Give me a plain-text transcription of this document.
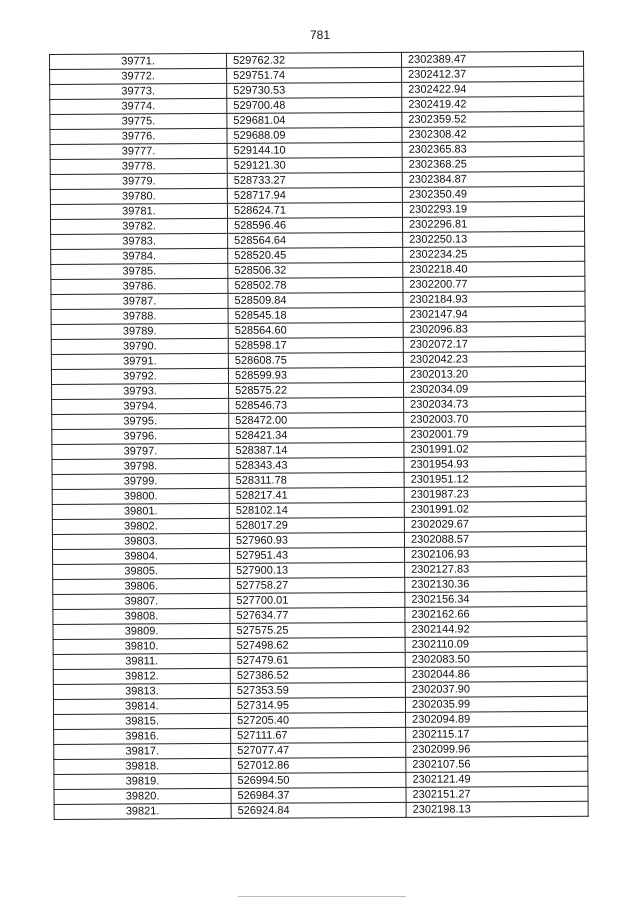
781
39771.	529762.32	2302389.47
39772.	529751.74	2302412.37
39773.	529730.53	2302422.94
39774.	529700.48	2302419.42
39775.	529681.04	2302359.52
39776.	529688.09	2302308.42
39777.	529144.10	2302365.83
39778.	529121.30	2302368.25
39779.	528733.27	2302384.87
39780.	528717.94	2302350.49
39781.	528624.71	2302293.19
39782.	528596.46	2302296.81
39783.	528564.64	2302250.13
39784.	528520.45	2302234.25
39785.	528506.32	2302218.40
39786.	528502.78	2302200.77
39787.	528509.84	2302184.93
39788.	528545.18	2302147.94
39789.	528564.60	2302096.83
39790.	528598.17	2302072.17
39791.	528608.75	2302042.23
39792.	528599.93	2302013.20
39793.	528575.22	2302034.09
39794.	528546.73	2302034.73
39795.	528472.00	2302003.70
39796.	528421.34	2302001.79
39797.	528387.14	2301991.02
39798.	528343.43	2301954.93
39799.	528311.78	2301951.12
39800.	528217.41	2301987.23
39801.	528102.14	2301991.02
39802.	528017.29	2302029.67
39803.	527960.93	2302088.57
39804.	527951.43	2302106.93
39805.	527900.13	2302127.83
39806.	527758.27	2302130.36
39807.	527700.01	2302156.34
39808.	527634.77	2302162.66
39809.	527575.25	2302144.92
39810.	527498.62	2302110.09
39811.	527479.61	2302083.50
39812.	527386.52	2302044.86
39813.	527353.59	2302037.90
39814.	527314.95	2302035.99
39815.	527205.40	2302094.89
39816.	527111.67	2302115.17
39817.	527077.47	2302099.96
39818.	527012.86	2302107.56
39819.	526994.50	2302121.49
39820.	526984.37	2302151.27
39821.	526924.84	2302198.13
